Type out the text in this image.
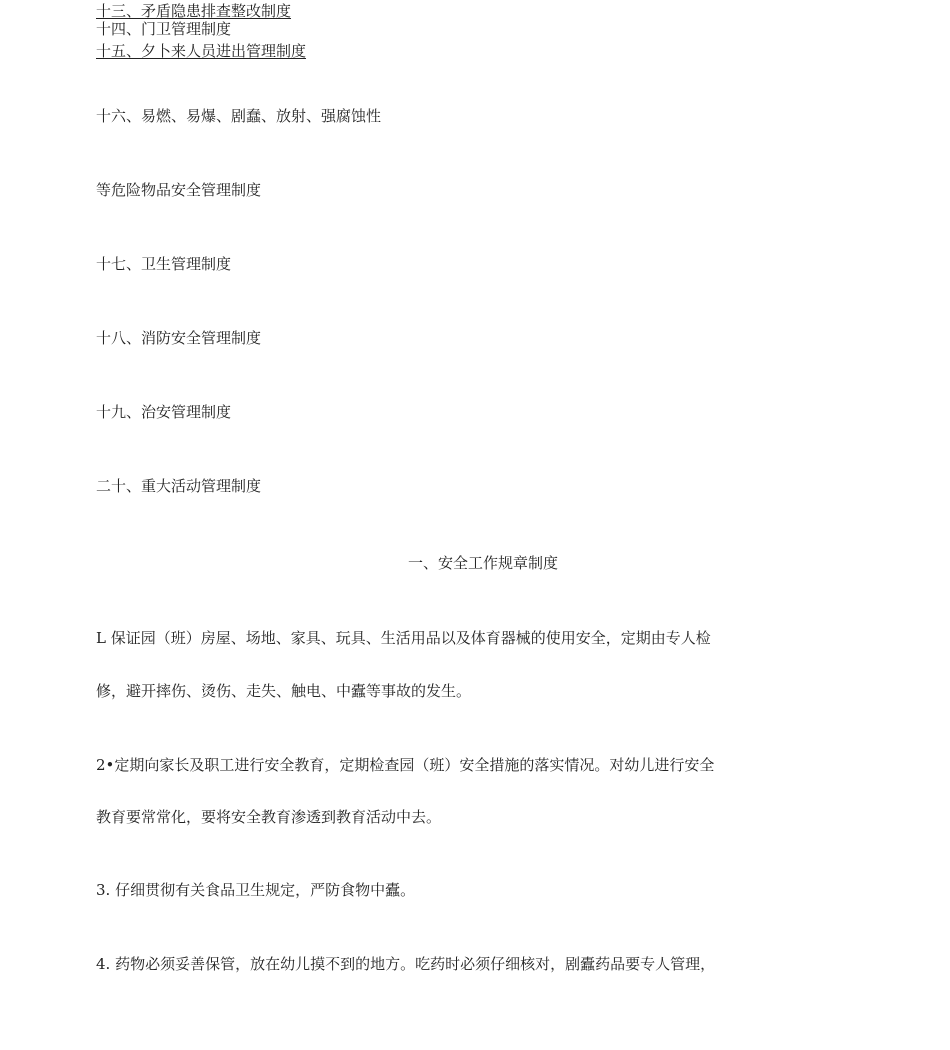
十三、矛盾隐患排查整改制度
十四、门卫管理制度
十五、夕卜来人员进出管理制度
十六、易燃、易爆、剧蠢、放射、强腐蚀性
等危险物品安全管理制度
十七、卫生管理制度
十八、消防安全管理制度
十九、治安管理制度
二十、重大活动管理制度
一、安全工作规章制度
L 保证园（班）房屋、场地、家具、玩具、生活用品以及体育器械的使用安全，定期由专人检
修，避开摔伤、烫伤、走失、触电、中蠹等事故的发生。
2•定期向家长及职工进行安全教育，定期检查园（班）安全措施的落实情况。对幼儿进行安全
教育要常常化，要将安全教育渗透到教育活动中去。
3. 仔细贯彻有关食品卫生规定，严防食物中蠹。
4. 药物必须妥善保管，放在幼儿摸不到的地方。吃药时必须仔细核对，剧蠹药品要专人管理，
